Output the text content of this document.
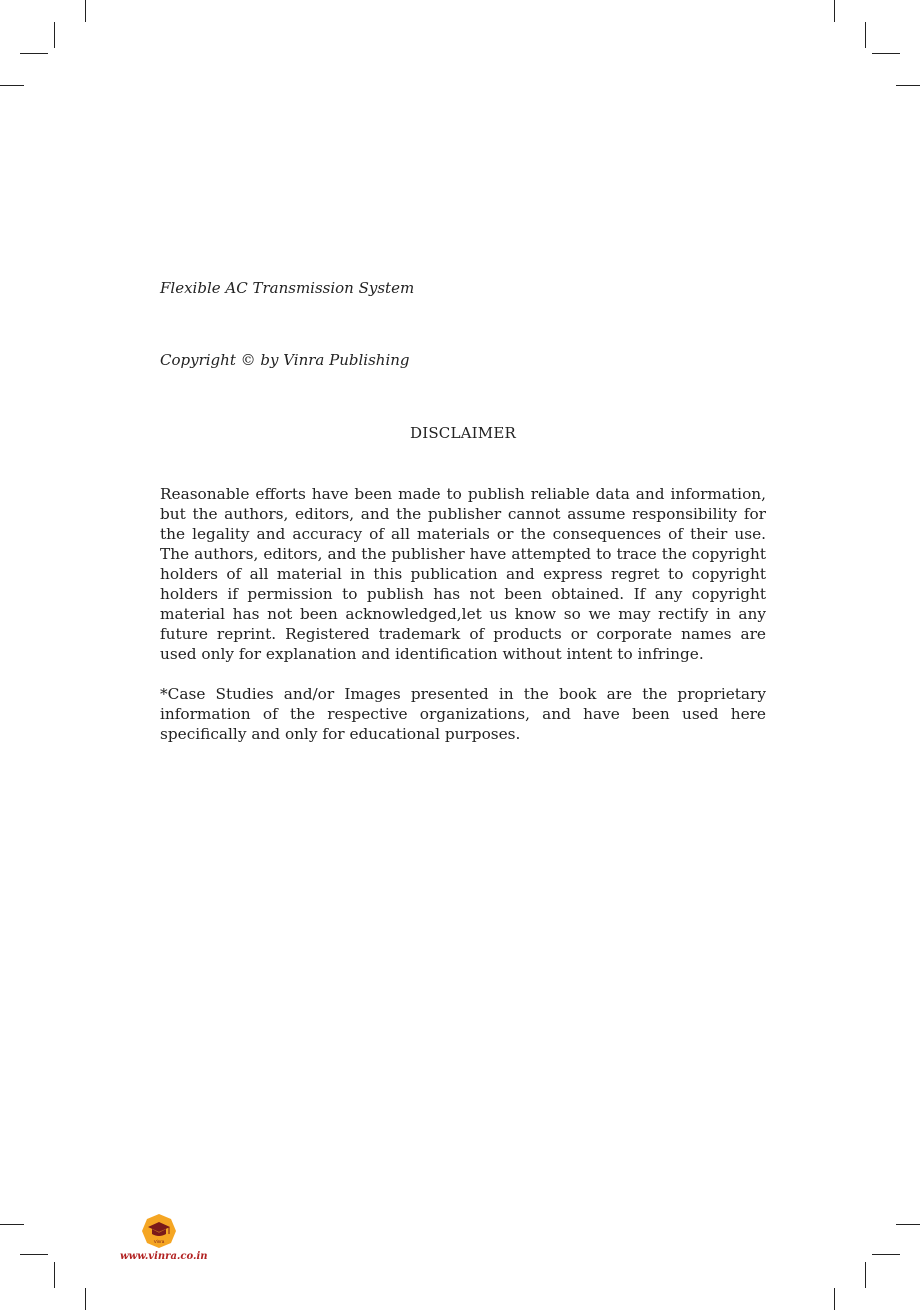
Flexible AC Transmission System
Copyright © by Vinra Publishing
DISCLAIMER

Reasonable efforts have been made to publish reliable data and information, but the authors, editors, and the publisher cannot assume responsibility for the legality and accuracy of all materials or the consequences of their use. The authors, editors, and the publisher have attempted to trace the copyright holders of all material in this publication and express regret to copyright holders if permission to publish has not been obtained. If any copyright material has not been acknowledged,let us know so we may rectify in any future reprint. Registered trademark of products or corporate names are used only for explanation and identification without intent to infringe.

*Case Studies and/or Images presented in the book are the proprietary information of the respective organizations, and have been used here specifically and only for educational purposes.

Vinra
www.vinra.co.in
